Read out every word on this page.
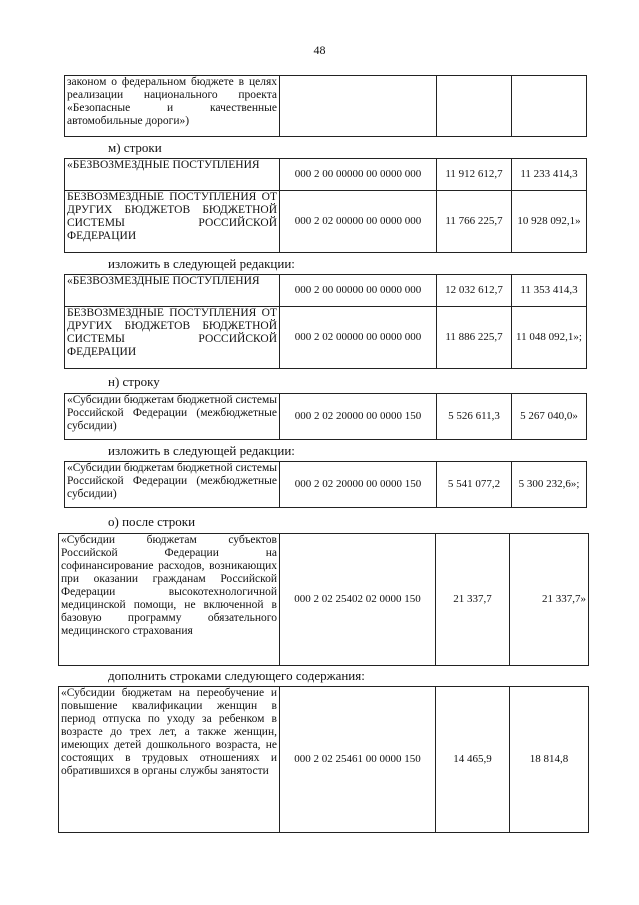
48
законом о федеральном бюджете в целях реализации национального проекта «Безопасные и качественные автомобильные дороги»)			
м) строки
«БЕЗВОЗМЕЗДНЫЕ ПОСТУПЛЕНИЯ	000 2 00 00000 00 0000 000	11 912 612,7	11 233 414,3
БЕЗВОЗМЕЗДНЫЕ ПОСТУПЛЕНИЯ ОТ ДРУГИХ БЮДЖЕТОВ БЮДЖЕТНОЙ СИСТЕМЫ РОССИЙСКОЙ ФЕДЕРАЦИИ	000 2 02 00000 00 0000 000	11 766 225,7	10 928 092,1»
изложить в следующей редакции:
«БЕЗВОЗМЕЗДНЫЕ ПОСТУПЛЕНИЯ	000 2 00 00000 00 0000 000	12 032 612,7	11 353 414,3
БЕЗВОЗМЕЗДНЫЕ ПОСТУПЛЕНИЯ ОТ ДРУГИХ БЮДЖЕТОВ БЮДЖЕТНОЙ СИСТЕМЫ РОССИЙСКОЙ ФЕДЕРАЦИИ	000 2 02 00000 00 0000 000	11 886 225,7	11 048 092,1»;
н) строку
«Субсидии бюджетам бюджетной системы Российской Федерации (межбюджетные субсидии)	000 2 02 20000 00 0000 150	5 526 611,3	5 267 040,0»
изложить в следующей редакции:
«Субсидии бюджетам бюджетной системы Российской Федерации (межбюджетные субсидии)	000 2 02 20000 00 0000 150	5 541 077,2	5 300 232,6»;
о) после строки
«Субсидии бюджетам субъектов Российской Федерации на софинансирование расходов, возникающих при оказании гражданам Российской Федерации высокотехнологичной медицинской помощи, не включенной в базовую программу обязательного медицинского страхования	000 2 02 25402 02 0000 150	21 337,7	21 337,7»
дополнить строками следующего содержания:
«Субсидии бюджетам на переобучение и повышение квалификации женщин в период отпуска по уходу за ребенком в возрасте до трех лет, а также женщин, имеющих детей дошкольного возраста, не состоящих в трудовых отношениях и обратившихся в органы службы занятости	000 2 02 25461 00 0000 150	14 465,9	18 814,8
